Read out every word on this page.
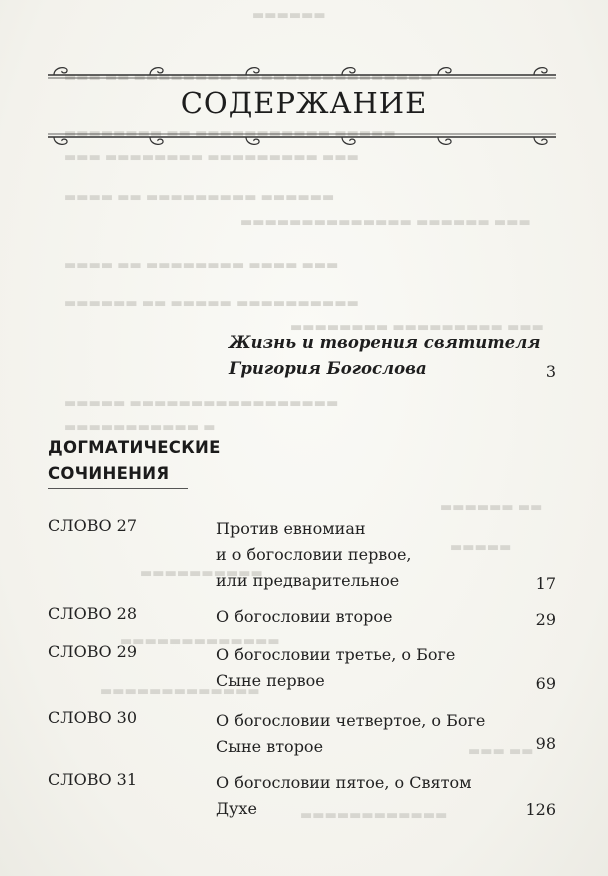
▬▬▬▬▬▬
▬▬▬ ▬▬ ▬▬▬▬▬▬▬▬ ▬▬▬▬▬▬▬▬▬▬▬▬▬▬▬▬
▬▬▬▬▬▬▬▬ ▬▬ ▬▬▬▬▬▬▬▬▬▬▬ ▬▬▬▬▬
▬▬▬ ▬▬▬▬▬▬▬▬ ▬▬▬▬▬▬▬▬▬ ▬▬▬
▬▬▬▬ ▬▬ ▬▬▬▬▬▬▬▬▬ ▬▬▬▬▬▬
▬▬▬▬▬▬▬▬▬▬▬▬▬▬ ▬▬▬▬▬▬ ▬▬▬
▬▬▬▬ ▬▬ ▬▬▬▬▬▬▬▬ ▬▬▬▬ ▬▬▬
▬▬▬▬▬▬ ▬▬ ▬▬▬▬▬ ▬▬▬▬▬▬▬▬▬▬
▬▬▬▬▬▬▬▬ ▬▬▬▬▬▬▬▬▬ ▬▬▬
▬▬▬▬▬ ▬▬▬▬▬▬▬▬▬▬▬▬▬▬▬▬▬
▬▬▬▬▬▬▬▬▬▬▬ ▬
▬▬▬▬▬▬ ▬▬
▬▬▬▬▬
▬▬▬▬▬▬▬▬▬▬
▬▬▬▬▬▬▬▬▬▬▬▬▬
▬▬▬▬▬▬▬▬▬▬▬▬▬
▬▬▬ ▬▬
▬▬▬▬▬▬▬▬▬▬▬▬
СОДЕРЖАНИЕ
Жизнь и творения святителя
Григория Богослова	3
ДОГМАТИЧЕСКИЕ
СОЧИНЕНИЯ
СЛОВО 27	Против евномиан
и о богословии первое,
или предварительное	17
СЛОВО 28	О богословии второе	29
СЛОВО 29	О богословии третье, о Боге
Сыне первое	69
СЛОВО 30	О богословии четвертое, о Боге
Сыне второе	98
СЛОВО 31	О богословии пятое, о Святом
Духе	126
